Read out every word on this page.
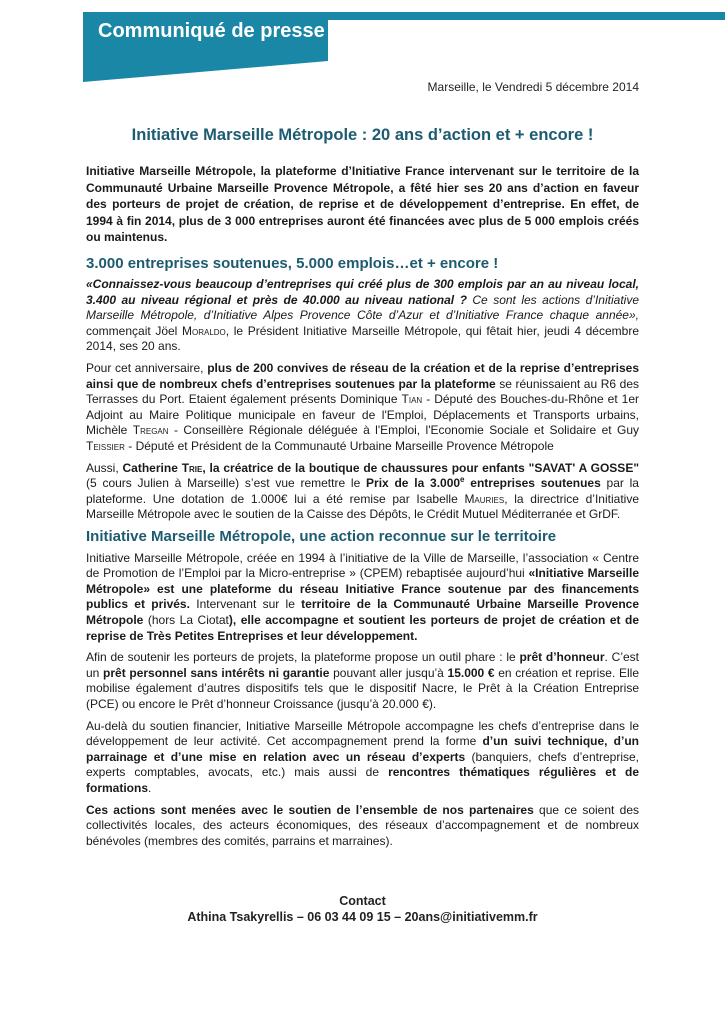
Communiqué de presse
Marseille, le Vendredi 5 décembre 2014
Initiative Marseille Métropole : 20 ans d’action et + encore !

Initiative Marseille Métropole, la plateforme d’Initiative France intervenant sur le territoire de la Communauté Urbaine Marseille Provence Métropole, a fêté hier ses 20 ans d’action en faveur des porteurs de projet de création, de reprise et de développement d’entreprise. En effet, de 1994 à fin 2014, plus de 3 000 entreprises auront été financées avec plus de 5 000 emplois créés ou maintenus.

3.000 entreprises soutenues, 5.000 emplois…et + encore !

«Connaissez-vous beaucoup d’entreprises qui créé plus de 300 emplois par an au niveau local, 3.400 au niveau régional et près de 40.000 au niveau national ? Ce sont les actions d’Initiative Marseille Métropole, d’Initiative Alpes Provence Côte d’Azur et d’Initiative France chaque année», commençait Jöel Moraldo, le Président Initiative Marseille Métropole, qui fêtait hier, jeudi 4 décembre 2014, ses 20 ans.

Pour cet anniversaire, plus de 200 convives de réseau de la création et de la reprise d’entreprises ainsi que de nombreux chefs d’entreprises soutenues par la plateforme se réunissaient au R6 des Terrasses du Port. Etaient également présents Dominique Tian - Député des Bouches-du-Rhône et 1er Adjoint au Maire Politique municipale en faveur de l'Emploi, Déplacements et Transports urbains, Michèle Tregan - Conseillère Régionale déléguée à l'Emploi, l'Economie Sociale et Solidaire et Guy Teissier - Député et Président de la Communauté Urbaine Marseille Provence Métropole

Aussi, Catherine Trie, la créatrice de la boutique de chaussures pour enfants "SAVAT' A GOSSE" (5 cours Julien à Marseille) s’est vue remettre le Prix de la 3.000e entreprises soutenues par la plateforme. Une dotation de 1.000€ lui a été remise par Isabelle Mauries, la directrice d’Initiative Marseille Métropole avec le soutien de la Caisse des Dépôts, le Crédit Mutuel Méditerranée et GrDF.

Initiative Marseille Métropole, une action reconnue sur le territoire

Initiative Marseille Métropole, créée en 1994 à l’initiative de la Ville de Marseille, l’association « Centre de Promotion de l’Emploi par la Micro-entreprise » (CPEM) rebaptisée aujourd’hui «Initiative Marseille Métropole» est une plateforme du réseau Initiative France soutenue par des financements publics et privés. Intervenant sur le territoire de la Communauté Urbaine Marseille Provence Métropole (hors La Ciotat), elle accompagne et soutient les porteurs de projet de création et de reprise de Très Petites Entreprises et leur développement.

Afin de soutenir les porteurs de projets, la plateforme propose un outil phare : le prêt d’honneur. C’est un prêt personnel sans intérêts ni garantie pouvant aller jusqu’à 15.000 € en création et reprise. Elle mobilise également d’autres dispositifs tels que le dispositif Nacre, le Prêt à la Création Entreprise (PCE) ou encore le Prêt d’honneur Croissance (jusqu’à 20.000 €).

Au-delà du soutien financier, Initiative Marseille Métropole accompagne les chefs d’entreprise dans le développement de leur activité. Cet accompagnement prend la forme d’un suivi technique, d’un parrainage et d’une mise en relation avec un réseau d’experts (banquiers, chefs d’entreprise, experts comptables, avocats, etc.) mais aussi de rencontres thématiques régulières et de formations.

Ces actions sont menées avec le soutien de l’ensemble de nos partenaires que ce soient des collectivités locales, des acteurs économiques, des réseaux d’accompagnement et de nombreux bénévoles (membres des comités, parrains et marraines).

Contact
Athina Tsakyrellis – 06 03 44 09 15 – 20ans@initiativemm.fr
